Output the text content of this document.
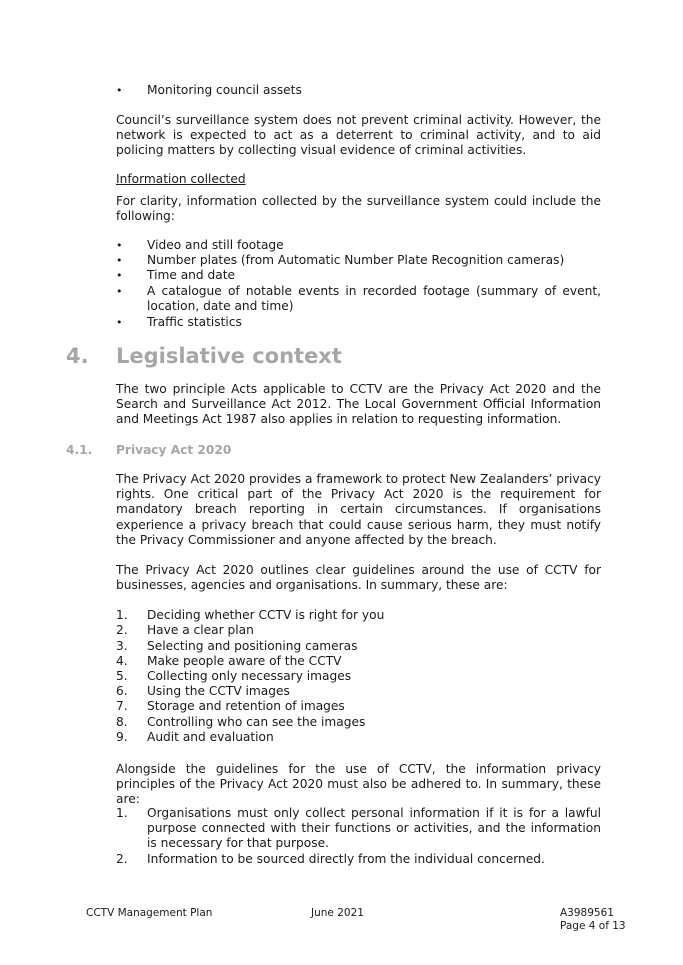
• Monitoring council assets

Council’s surveillance system does not prevent criminal activity. However, the network is expected to act as a deterrent to criminal activity, and to aid policing matters by collecting visual evidence of criminal activities.

Information collected

For clarity, information collected by the surveillance system could include the following:

• Video and still footage
• Number plates (from Automatic Number Plate Recognition cameras)
• Time and date
• A catalogue of notable events in recorded footage (summary of event, location, date and time)
• Traffic statistics
4. Legislative context

The two principle Acts applicable to CCTV are the Privacy Act 2020 and the Search and Surveillance Act 2012. The Local Government Official Information and Meetings Act 1987 also applies in relation to requesting information.

4.1. Privacy Act 2020

The Privacy Act 2020 provides a framework to protect New Zealanders’ privacy rights. One critical part of the Privacy Act 2020 is the requirement for mandatory breach reporting in certain circumstances. If organisations experience a privacy breach that could cause serious harm, they must notify the Privacy Commissioner and anyone affected by the breach.

The Privacy Act 2020 outlines clear guidelines around the use of CCTV for businesses, agencies and organisations. In summary, these are:

1. Deciding whether CCTV is right for you
2. Have a clear plan
3. Selecting and positioning cameras
4. Make people aware of the CCTV
5. Collecting only necessary images
6. Using the CCTV images
7. Storage and retention of images
8. Controlling who can see the images
9. Audit and evaluation

Alongside the guidelines for the use of CCTV, the information privacy principles of the Privacy Act 2020 must also be adhered to. In summary, these are:

1. Organisations must only collect personal information if it is for a lawful purpose connected with their functions or activities, and the information is necessary for that purpose.
2. Information to be sourced directly from the individual concerned.
CCTV Management Plan	June 2021	A3989561
Page 4 of 13
